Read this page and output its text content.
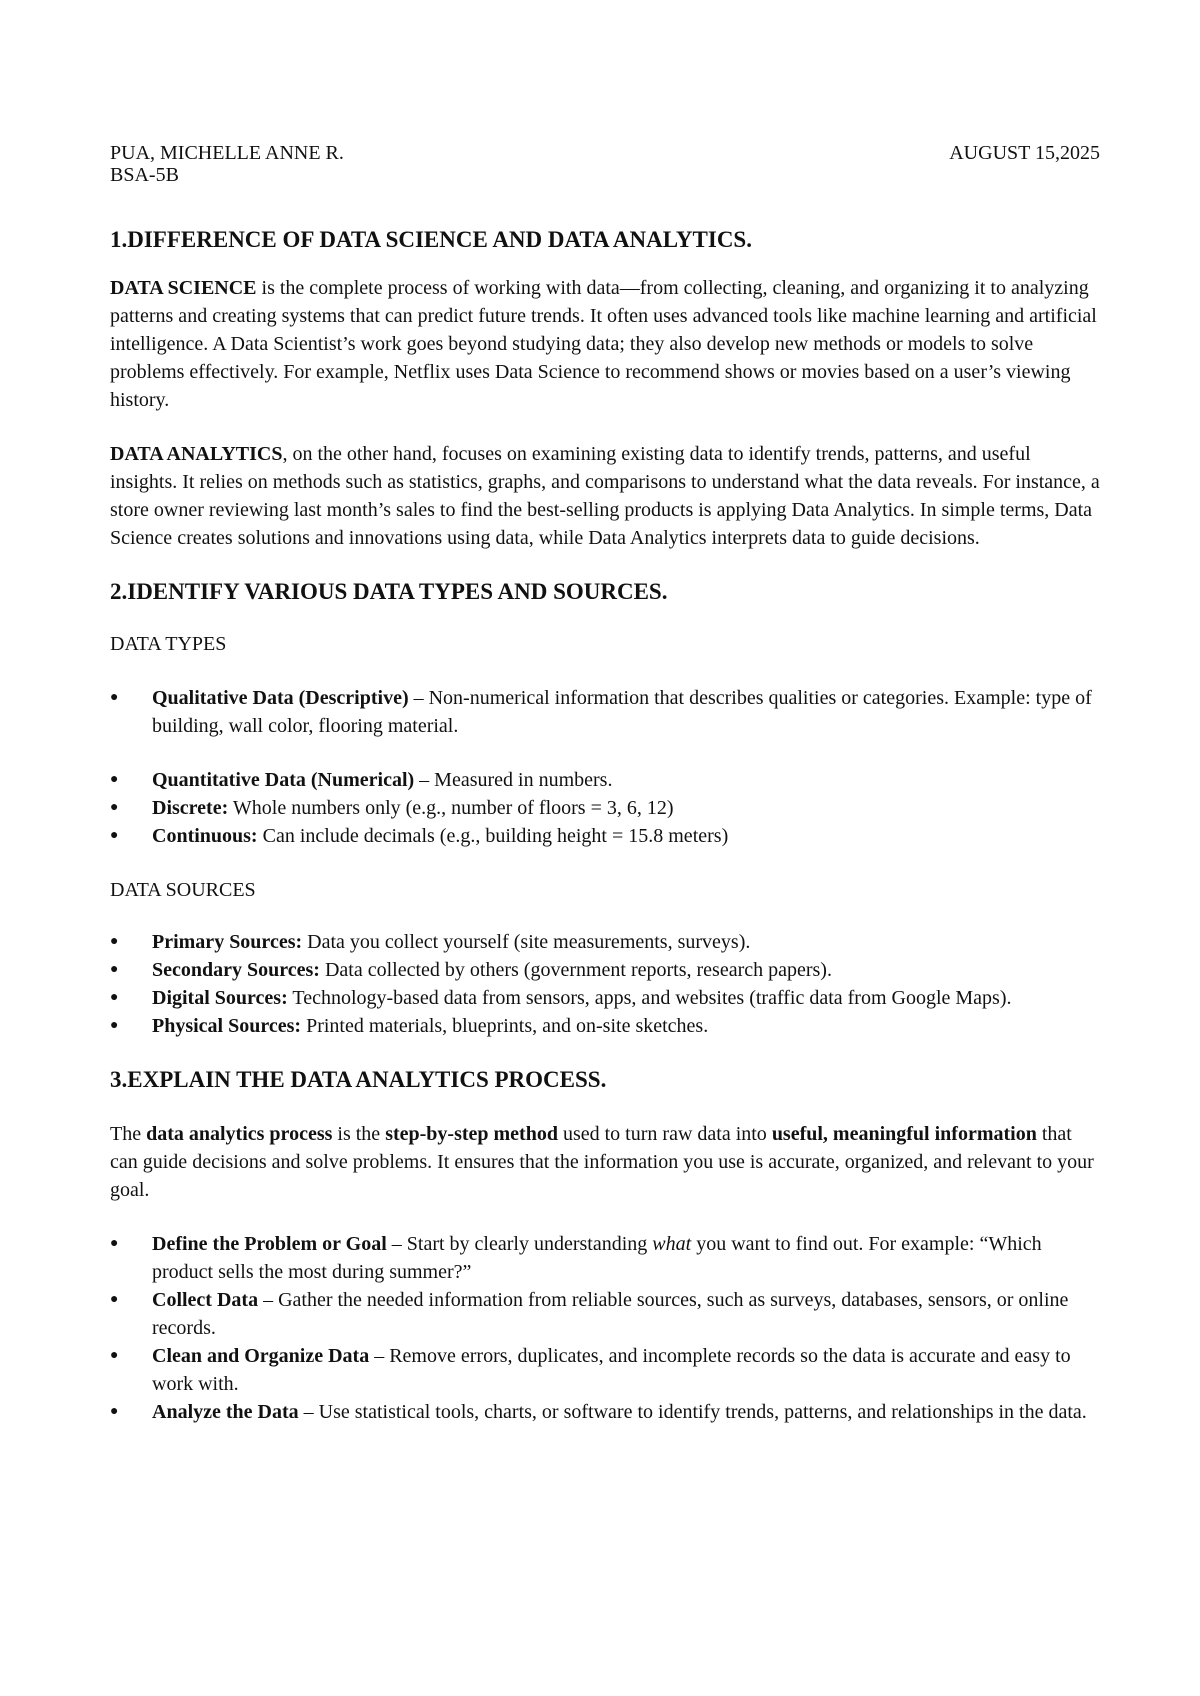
PUA, MICHELLE ANNE R.	AUGUST 15,2025
BSA-5B
1.DIFFERENCE OF DATA SCIENCE AND DATA ANALYTICS.

DATA SCIENCE is the complete process of working with data—from collecting, cleaning, and organizing it to analyzing patterns and creating systems that can predict future trends. It often uses advanced tools like machine learning and artificial intelligence. A Data Scientist’s work goes beyond studying data; they also develop new methods or models to solve problems effectively. For example, Netflix uses Data Science to recommend shows or movies based on a user’s viewing history.

DATA ANALYTICS, on the other hand, focuses on examining existing data to identify trends, patterns, and useful insights. It relies on methods such as statistics, graphs, and comparisons to understand what the data reveals. For instance, a store owner reviewing last month’s sales to find the best-selling products is applying Data Analytics. In simple terms, Data Science creates solutions and innovations using data, while Data Analytics interprets data to guide decisions.

2.IDENTIFY VARIOUS DATA TYPES AND SOURCES.

DATA TYPES

●	Qualitative Data (Descriptive) – Non-numerical information that describes qualities or categories. Example: type of building, wall color, flooring material.
●	Quantitative Data (Numerical) – Measured in numbers.
●	Discrete: Whole numbers only (e.g., number of floors = 3, 6, 12)
●	Continuous: Can include decimals (e.g., building height = 15.8 meters)

DATA SOURCES

●	Primary Sources: Data you collect yourself (site measurements, surveys).
●	Secondary Sources: Data collected by others (government reports, research papers).
●	Digital Sources: Technology-based data from sensors, apps, and websites (traffic data from Google Maps).
●	Physical Sources: Printed materials, blueprints, and on-site sketches.
3.EXPLAIN THE DATA ANALYTICS PROCESS.

The data analytics process is the step-by-step method used to turn raw data into useful, meaningful information that can guide decisions and solve problems. It ensures that the information you use is accurate, organized, and relevant to your goal.

●	Define the Problem or Goal – Start by clearly understanding what you want to find out. For example: “Which product sells the most during summer?”
●	Collect Data – Gather the needed information from reliable sources, such as surveys, databases, sensors, or online records.
●	Clean and Organize Data – Remove errors, duplicates, and incomplete records so the data is accurate and easy to work with.
●	Analyze the Data – Use statistical tools, charts, or software to identify trends, patterns, and relationships in the data.
